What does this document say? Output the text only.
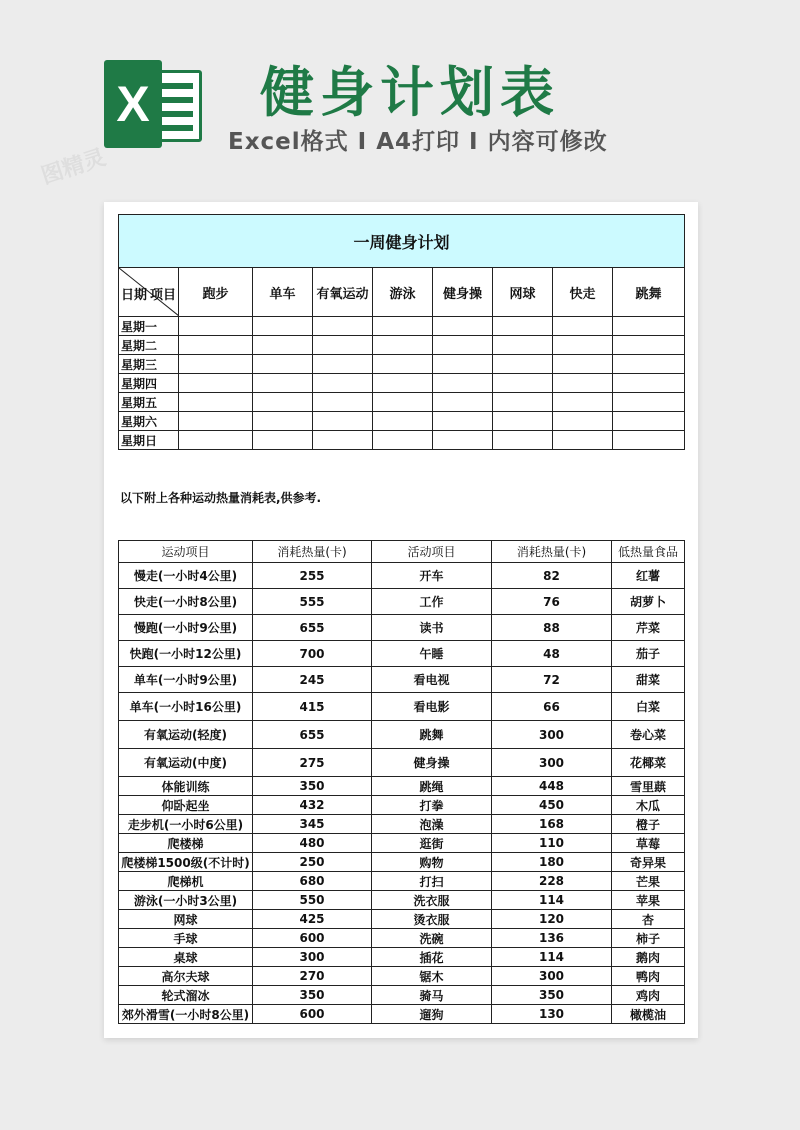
X 健身计划表
Excel格式 I A4打印 I 内容可修改
一周健身计划								

日期 项目	跑步	单车	有氧运动	游泳	健身操	网球	快走	跳舞
星期一								
星期二								
星期三								
星期四								
星期五								
星期六								
星期日								
以下附上各种运动热量消耗表,供参考.
运动项目	消耗热量(卡)	活动项目	消耗热量(卡)	低热量食品
慢走(一小时4公里)	255	开车	82	红薯
快走(一小时8公里)	555	工作	76	胡萝卜
慢跑(一小时9公里)	655	读书	88	芹菜
快跑(一小时12公里)	700	午睡	48	茄子
单车(一小时9公里)	245	看电视	72	甜菜
单车(一小时16公里)	415	看电影	66	白菜
有氧运动(轻度)	655	跳舞	300	卷心菜
有氧运动(中度)	275	健身操	300	花椰菜
体能训练	350	跳绳	448	雪里蕻
仰卧起坐	432	打拳	450	木瓜
走步机(一小时6公里)	345	泡澡	168	橙子
爬楼梯	480	逛街	110	草莓
爬楼梯1500级(不计时)	250	购物	180	奇异果
爬梯机	680	打扫	228	芒果
游泳(一小时3公里)	550	洗衣服	114	苹果
网球	425	烫衣服	120	杏
手球	600	洗碗	136	柿子
桌球	300	插花	114	鹅肉
高尔夫球	270	锯木	300	鸭肉
轮式溜冰	350	骑马	350	鸡肉
郊外滑雪(一小时8公里)	600	遛狗	130	橄榄油
图精灵
